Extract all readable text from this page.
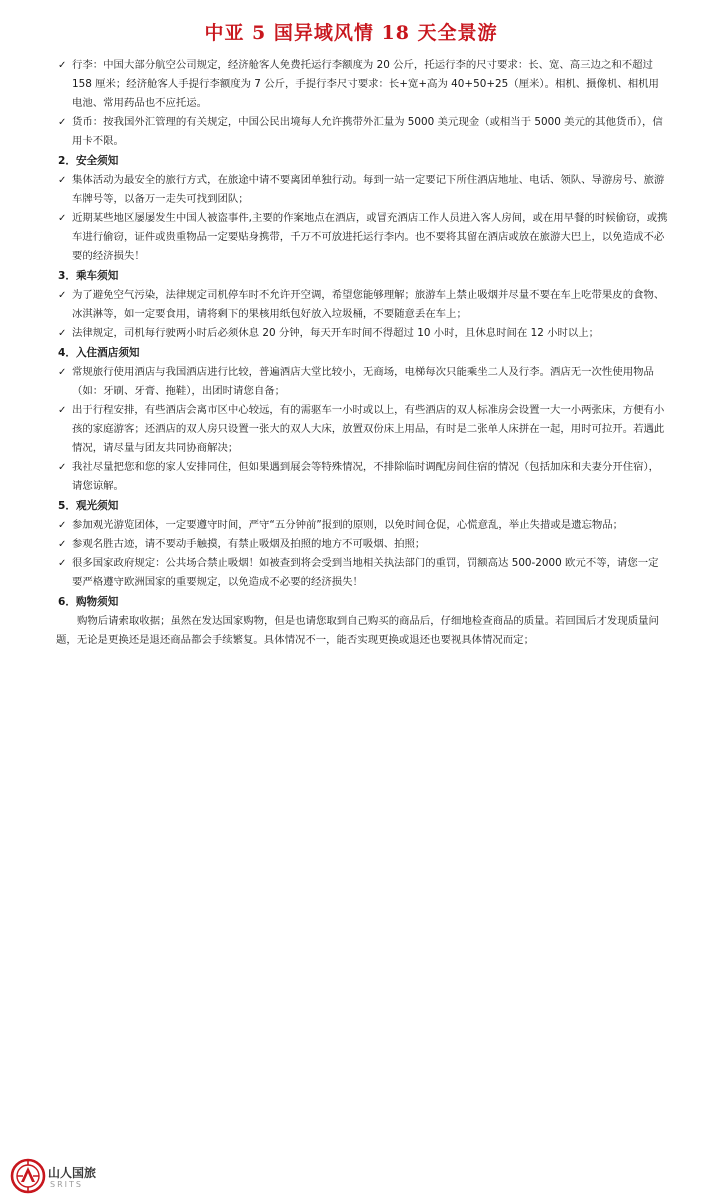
中亚 5 国异域风情 18 天全景游

✓ 行李：中国大部分航空公司规定，经济舱客人免费托运行李额度为 20 公斤，托运行李的尺寸要求：长、宽、高三边之和不超过 158 厘米；经济舱客人手提行李额度为 7 公斤，手提行李尺寸要求：长+宽+高为 40+50+25（厘米）。相机、摄像机、相机用电池、常用药品也不应托运。

✓ 货币：按我国外汇管理的有关规定，中国公民出境每人允许携带外汇量为 5000 美元现金（或相当于 5000 美元的其他货币），信用卡不限。

2．安全须知

✓ 集体活动为最安全的旅行方式，在旅途中请不要离团单独行动。每到一站一定要记下所住酒店地址、电话、领队、导游房号、旅游车牌号等，以备万一走失可找到团队；

✓ 近期某些地区屡屡发生中国人被盗事件,主要的作案地点在酒店，或冒充酒店工作人员进入客人房间，或在用早餐的时候偷窃，或携车进行偷窃，证件或贵重物品一定要贴身携带，千万不可放进托运行李内。也不要将其留在酒店或放在旅游大巴上，以免造成不必要的经济损失！

3．乘车须知

✓ 为了避免空气污染，法律规定司机停车时不允许开空调，希望您能够理解；旅游车上禁止吸烟并尽量不要在车上吃带果皮的食物、冰淇淋等，如一定要食用，请将剩下的果核用纸包好放入垃圾桶，不要随意丢在车上；

✓ 法律规定，司机每行驶两小时后必须休息 20 分钟，每天开车时间不得超过 10 小时，且休息时间在 12 小时以上；

4．入住酒店须知

✓ 常规旅行使用酒店与我国酒店进行比较，普遍酒店大堂比较小，无商场，电梯每次只能乘坐二人及行李。酒店无一次性使用物品（如：牙刷、牙膏、拖鞋），出团时请您自备；

✓ 出于行程安排，有些酒店会离市区中心较远，有的需驱车一小时或以上，有些酒店的双人标准房会设置一大一小两张床，方便有小孩的家庭游客；还酒店的双人房只设置一张大的双人大床，放置双份床上用品，有时是二张单人床拼在一起，用时可拉开。若遇此情况，请尽量与团友共同协商解决；

✓ 我社尽量把您和您的家人安排同住，但如果遇到展会等特殊情况，不排除临时调配房间住宿的情况（包括加床和夫妻分开住宿），请您谅解。

5．观光须知

✓ 参加观光游览团体，一定要遵守时间，严守“五分钟前”报到的原则，以免时间仓促，心慌意乱，举止失措或是遗忘物品；

✓ 参观名胜古迹，请不要动手触摸，有禁止吸烟及拍照的地方不可吸烟、拍照；

✓ 很多国家政府规定：公共场合禁止吸烟！如被查到将会受到当地相关执法部门的重罚，罚额高达 500-2000 欧元不等，请您一定要严格遵守欧洲国家的重要规定，以免造成不必要的经济损失！

6．购物须知

购物后请索取收据；虽然在发达国家购物，但是也请您取到自己购买的商品后，仔细地检查商品的质量。若回国后才发现质量问题，无论是更换还是退还商品都会手续繁复。具体情况不一，能否实现更换或退还也要视具体情况而定；

山人国旅
SRITS
